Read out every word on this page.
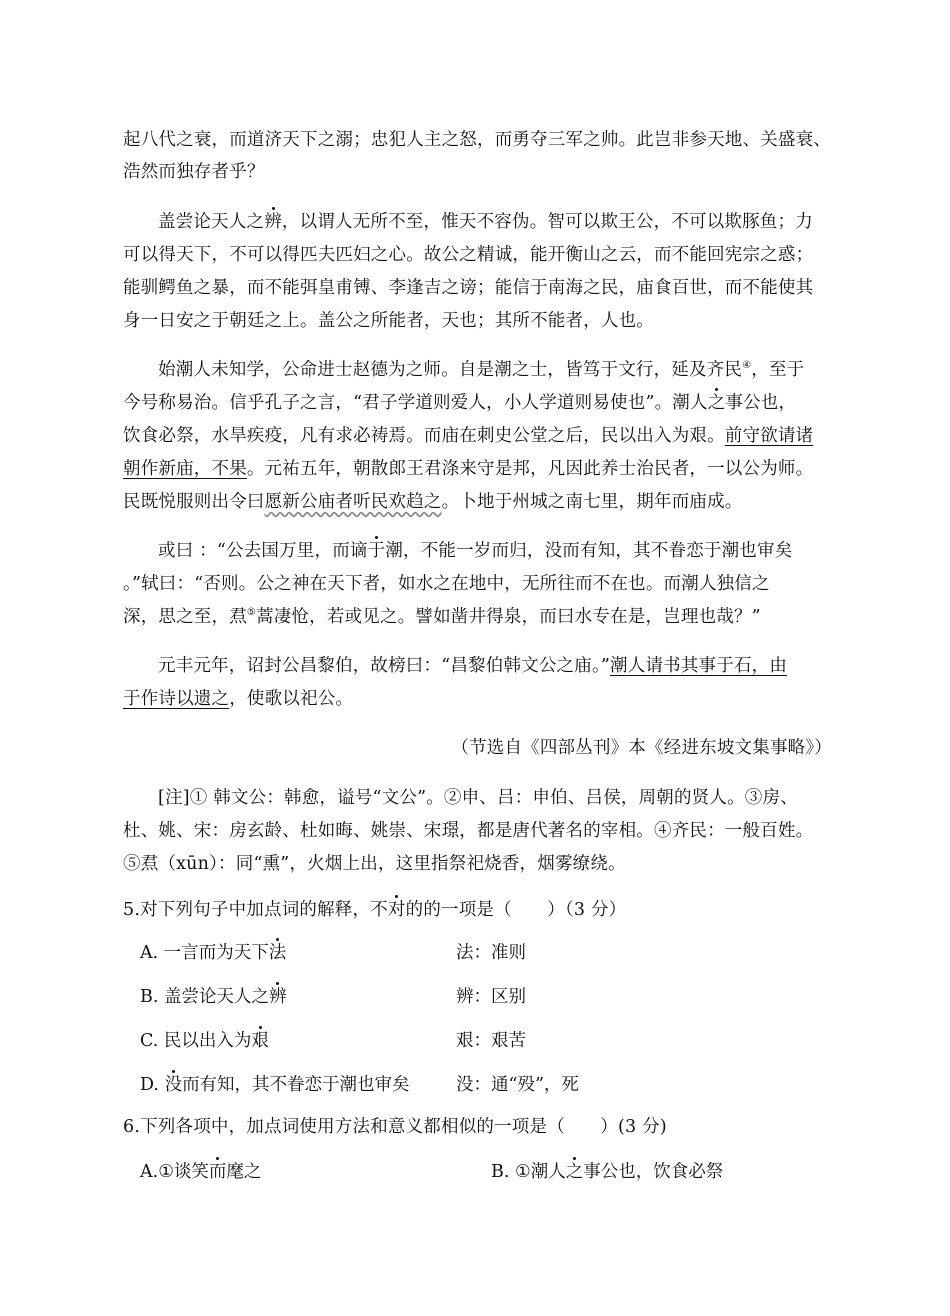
起八代之衰，而道济天下之溺；忠犯人主之怒，而勇夺三军之帅。此岂非参天地、关盛衰、
浩然而独存者乎？
盖尝论天人之辨，以谓人无所不至，惟天不容伪。智可以欺王公，不可以欺豚鱼；力
可以得天下，不可以得匹夫匹妇之心。故公之精诚，能开衡山之云，而不能回宪宗之惑；
能驯鳄鱼之暴，而不能弭皇甫镈、李逢吉之谤；能信于南海之民，庙食百世，而不能使其
身一日安之于朝廷之上。盖公之所能者，天也；其所不能者，人也。
始潮人未知学，公命进士赵德为之师。自是潮之士，皆笃于文行，延及齐民④，至于
今号称易治。信乎孔子之言，“君子学道则爱人，小人学道则易使也”。潮人之事公也，
饮食必祭，水旱疾疫，凡有求必祷焉。而庙在刺史公堂之后，民以出入为艰。前守欲请诸
朝作新庙，不果。元祐五年，朝散郎王君涤来守是邦，凡因此养士治民者，一以公为师。
民既悦服则出令曰愿新公庙者听民欢趋之。卜地于州城之南七里，期年而庙成。
或曰 ：“公去国万里，而谪于潮，不能一岁而归，没而有知，其不眷恋于潮也审矣
。”轼曰：“否则。公之神在天下者，如水之在地中，无所往而不在也。而潮人独信之
深，思之至，焄⑤蒿凄怆，若或见之。譬如凿井得泉，而曰水专在是，岂理也哉？”
元丰元年，诏封公昌黎伯，故榜曰：“昌黎伯韩文公之庙。”潮人请书其事于石，由
于作诗以遗之，使歌以祀公。
（节选自《四部丛刊》本《经进东坡文集事略》）
[注]① 韩文公：韩愈，谥号“文公”。②申、吕：申伯、吕侯，周朝的贤人。③房、
杜、姚、宋：房玄龄、杜如晦、姚崇、宋璟，都是唐代著名的宰相。④齐民：一般百姓。
⑤焄（xūn）：同“熏”，火烟上出，这里指祭祀烧香，烟雾缭绕。
5.对下列句子中加点词的解释，不对的的一项是（　　）（3 分）
A. 一言而为天下法	法：准则
B. 盖尝论天人之辨	辨：区别
C. 民以出入为艰	艰：艰苦
D. 没而有知，其不眷恋于潮也审矣	没：通“殁”，死
6.下列各项中，加点词使用方法和意义都相似的一项是（　　）(3 分)
A.①谈笑而麾之	B. ①潮人之事公也，饮食必祭
